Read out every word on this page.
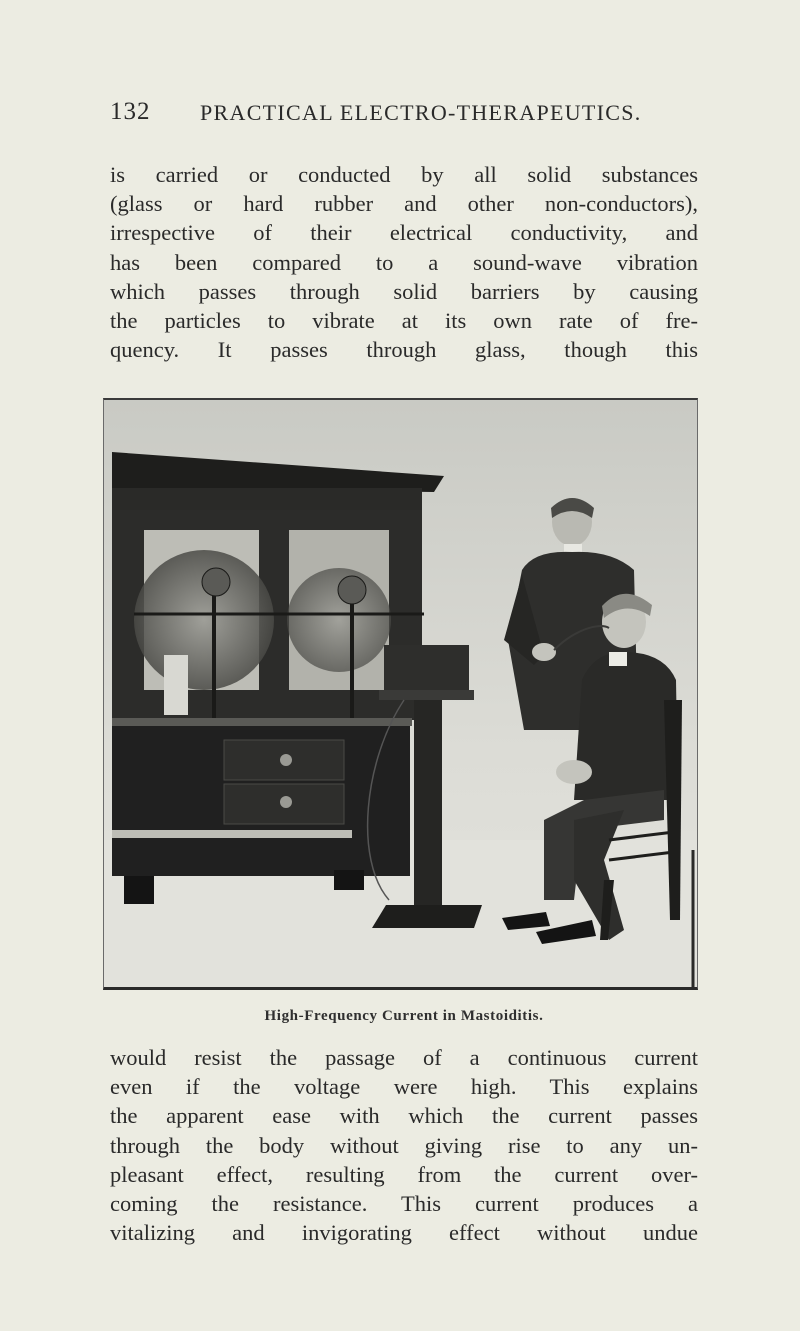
132 PRACTICAL ELECTRO-THERAPEUTICS.
is carried or conducted by all solid substances
(glass or hard rubber and other non-conductors),
irrespective of their electrical conductivity, and
has been compared to a sound-wave vibration
which passes through solid barriers by causing
the particles to vibrate at its own rate of fre-
quency. It passes through glass, though this
High-Frequency Current in Mastoiditis.
would resist the passage of a continuous current
even if the voltage were high. This explains
the apparent ease with which the current passes
through the body without giving rise to any un-
pleasant effect, resulting from the current over-
coming the resistance. This current produces a
vitalizing and invigorating effect without undue
